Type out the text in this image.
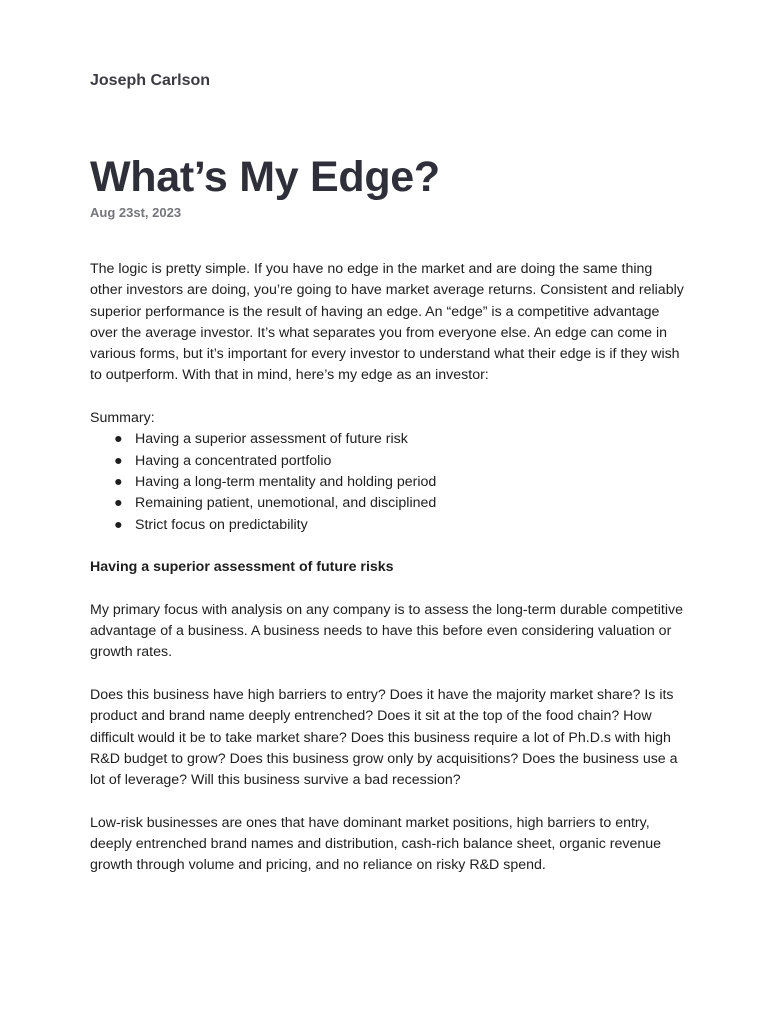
Joseph Carlson

What’s My Edge?

Aug 23st, 2023

The logic is pretty simple. If you have no edge in the market and are doing the same thing other investors are doing, you’re going to have market average returns. Consistent and reliably superior performance is the result of having an edge. An “edge” is a competitive advantage over the average investor. It’s what separates you from everyone else. An edge can come in various forms, but it’s important for every investor to understand what their edge is if they wish to outperform. With that in mind, here’s my edge as an investor:

Summary:

● Having a superior assessment of future risk
● Having a concentrated portfolio
● Having a long-term mentality and holding period
● Remaining patient, unemotional, and disciplined
● Strict focus on predictability

Having a superior assessment of future risks

My primary focus with analysis on any company is to assess the long-term durable competitive advantage of a business. A business needs to have this before even considering valuation or growth rates.

Does this business have high barriers to entry? Does it have the majority market share? Is its product and brand name deeply entrenched? Does it sit at the top of the food chain? How difficult would it be to take market share? Does this business require a lot of Ph.D.s with high R&D budget to grow? Does this business grow only by acquisitions? Does the business use a lot of leverage? Will this business survive a bad recession?

Low-risk businesses are ones that have dominant market positions, high barriers to entry, deeply entrenched brand names and distribution, cash-rich balance sheet, organic revenue growth through volume and pricing, and no reliance on risky R&D spend.
